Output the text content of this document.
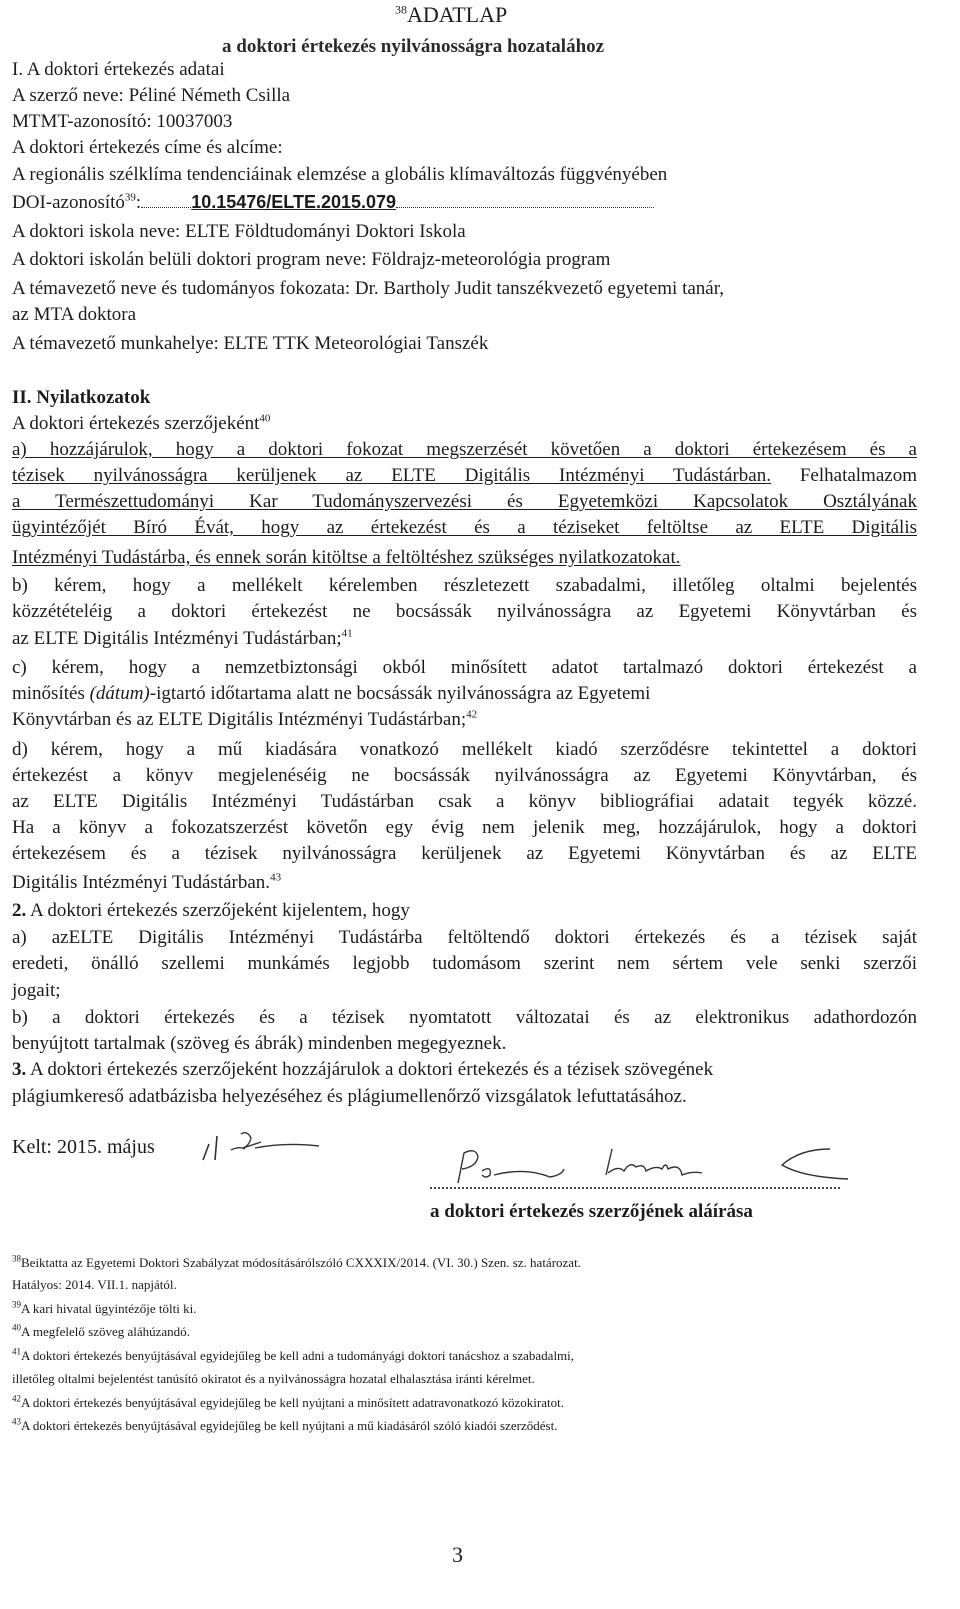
$^{38}$ADATLAP
a doktori értekezés nyilvánosságra hozatalához
I. A doktori értekezés adatai
A szerző neve: Péliné Németh Csilla
MTMT-azonosító: 10037003
A doktori értekezés címe és alcíme:
A regionális szélklíma tendenciáinak elemzése a globális klímaváltozás függvényében
DOI-azonosító$^{39}$:	10.15476/ELTE.2015.079
A doktori iskola neve: ELTE Földtudományi Doktori Iskola
A doktori iskolán belüli doktori program neve: Földrajz-meteorológia program
A témavezető neve és tudományos fokozata: Dr. Bartholy Judit tanszékvezető egyetemi tanár,
az MTA doktora
A témavezető munkahelye: ELTE TTK Meteorológiai Tanszék
II. Nyilatkozatok
A doktori értekezés szerzőjeként$^{40}$
a) hozzájárulok, hogy a doktori fokozat megszerzését követően a doktori értekezésem és a
tézisek nyilvánosságra kerüljenek az ELTE Digitális Intézményi Tudástárban. Felhatalmazom
a Természettudományi Kar Tudományszervezési és Egyetemközi Kapcsolatok Osztályának
ügyintézőjét Bíró Évát, hogy az értekezést és a téziseket feltöltse az ELTE Digitális
Intézményi Tudástárba, és ennek során kitöltse a feltöltéshez szükséges nyilatkozatokat.
b) kérem, hogy a mellékelt kérelemben részletezett szabadalmi, illetőleg oltalmi bejelentés
közzétételéig a doktori értekezést ne bocsássák nyilvánosságra az Egyetemi Könyvtárban és
az ELTE Digitális Intézményi Tudástárban;$^{41}$
c) kérem, hogy a nemzetbiztonsági okból minősített adatot tartalmazó doktori értekezést a
minősítés (dátum)-igtartó időtartama alatt ne bocsássák nyilvánosságra az Egyetemi
Könyvtárban és az ELTE Digitális Intézményi Tudástárban;$^{42}$
d) kérem, hogy a mű kiadására vonatkozó mellékelt kiadó szerződésre tekintettel a doktori
értekezést a könyv megjelenéséig ne bocsássák nyilvánosságra az Egyetemi Könyvtárban, és
az ELTE Digitális Intézményi Tudástárban csak a könyv bibliográfiai adatait tegyék közzé.
Ha a könyv a fokozatszerzést követőn egy évig nem jelenik meg, hozzájárulok, hogy a doktori
értekezésem és a tézisek nyilvánosságra kerüljenek az Egyetemi Könyvtárban és az ELTE
Digitális Intézményi Tudástárban.$^{43}$
2. A doktori értekezés szerzőjeként kijelentem, hogy
a) azELTE Digitális Intézményi Tudástárba feltöltendő doktori értekezés és a tézisek saját
eredeti, önálló szellemi munkámés legjobb tudomásom szerint nem sértem vele senki szerzői
jogait;
b) a doktori értekezés és a tézisek nyomtatott változatai és az elektronikus adathordozón
benyújtott tartalmak (szöveg és ábrák) mindenben megegyeznek.
3. A doktori értekezés szerzőjeként hozzájárulok a doktori értekezés és a tézisek szövegének
plágiumkereső adatbázisba helyezéséhez és plágiumellenőrző vizsgálatok lefuttatásához.
Kelt: 2015. május
a doktori értekezés szerzőjének aláírása
$^{38}$Beiktatta az Egyetemi Doktori Szabályzat módosításárólszóló CXXXIX/2014. (VI. 30.) Szen. sz. határozat.
Hatályos: 2014. VII.1. napjától.
$^{39}$A kari hivatal ügyintézője tölti ki.
$^{40}$A megfelelő szöveg aláhúzandó.
$^{41}$A doktori értekezés benyújtásával egyidejűleg be kell adni a tudományági doktori tanácshoz a szabadalmi,
illetőleg oltalmi bejelentést tanúsító okiratot és a nyilvánosságra hozatal elhalasztása iránti kérelmet.
$^{42}$A doktori értekezés benyújtásával egyidejűleg be kell nyújtani a minősített adatravonatkozó közokiratot.
$^{43}$A doktori értekezés benyújtásával egyidejűleg be kell nyújtani a mű kiadásáról szóló kiadói szerződést.
3
